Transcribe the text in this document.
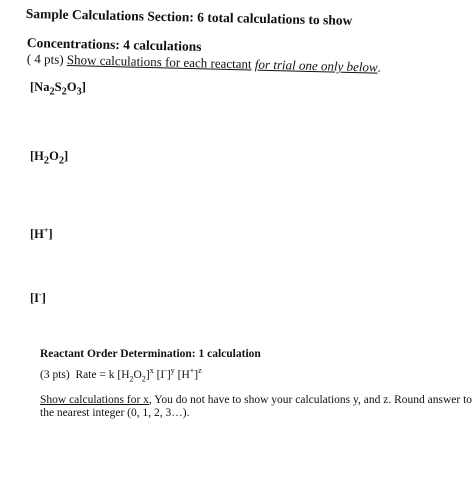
Sample Calculations Section: 6 total calculations to show
Concentrations: 4 calculations
( 4 pts) Show calculations for each reactant for trial one only below.
$[Na_2S_2O_3]$
$[H_2O_2]$
[H+]
[I-]
Reactant Order Determination: 1 calculation
(3 pts) Rate = k $[H_2O_2]^x$ $[I^-]^y$ $[H^+]^z$
Show calculations for x, You do not have to show your calculations y, and z. Round answer to
the nearest integer (0, 1, 2, 3…).
